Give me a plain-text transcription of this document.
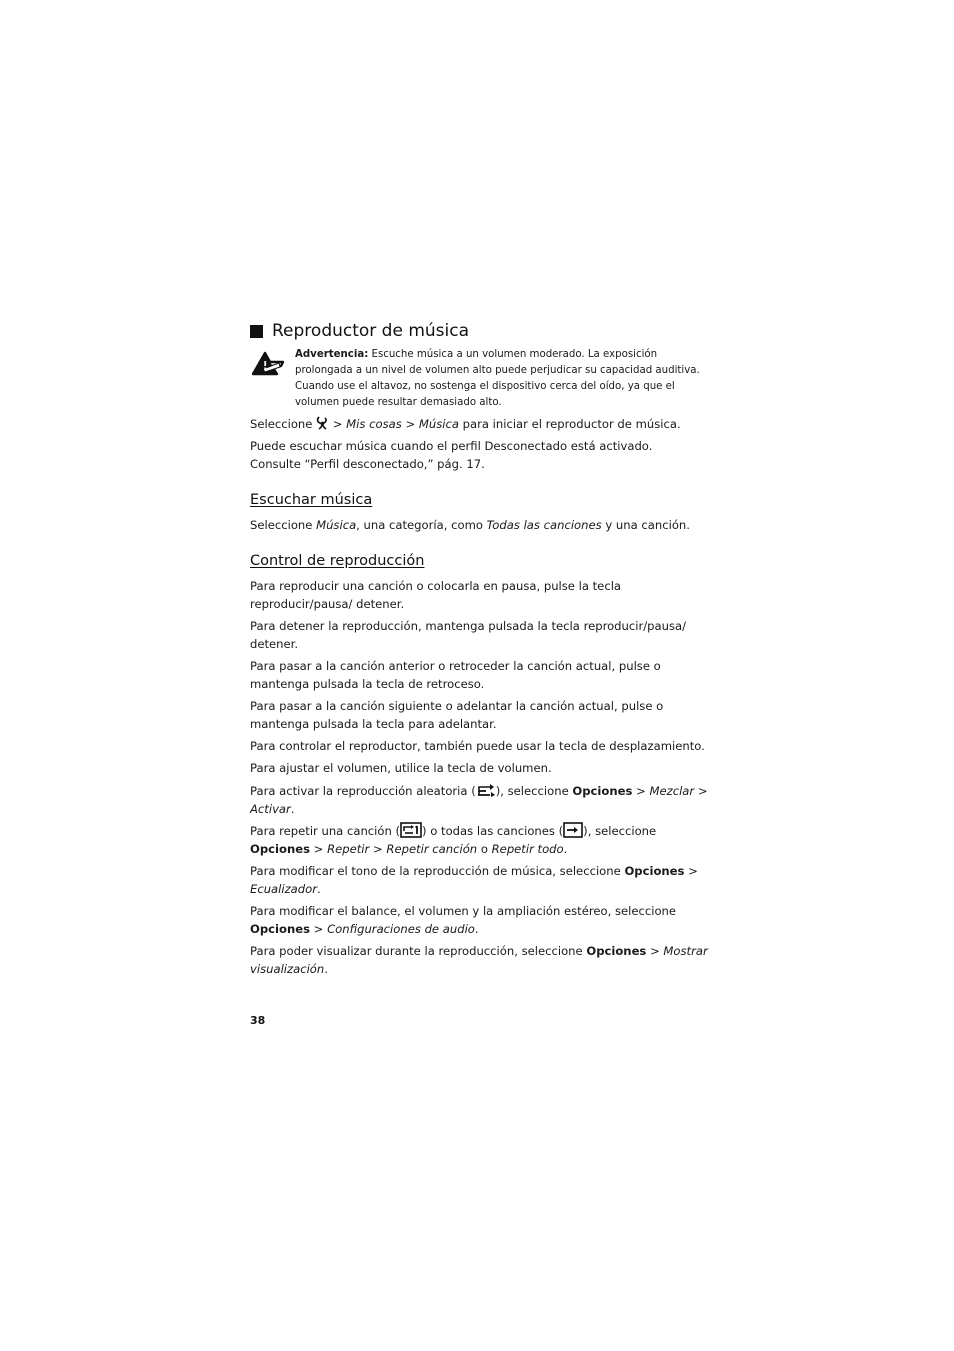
Reproductor de música
Advertencia: Escuche música a un volumen moderado. La exposición prolongada a un nivel de volumen alto puede perjudicar su capacidad auditiva. Cuando use el altavoz, no sostenga el dispositivo cerca del oído, ya que el volumen puede resultar demasiado alto.
Seleccione  > Mis cosas > Música para iniciar el reproductor de música.
Puede escuchar música cuando el perfil Desconectado está activado.
Consulte “Perfil desconectado,” pág. 17.
Escuchar música
Seleccione Música, una categoría, como Todas las canciones y una canción.
Control de reproducción
Para reproducir una canción o colocarla en pausa, pulse la tecla reproducir/pausa/ detener.
Para detener la reproducción, mantenga pulsada la tecla reproducir/pausa/ detener.
Para pasar a la canción anterior o retroceder la canción actual, pulse o mantenga pulsada la tecla de retroceso.
Para pasar a la canción siguiente o adelantar la canción actual, pulse o mantenga pulsada la tecla para adelantar.
Para controlar el reproductor, también puede usar la tecla de desplazamiento.
Para ajustar el volumen, utilice la tecla de volumen.
Para activar la reproducción aleatoria ( ), seleccione Opciones > Mezclar > Activar.
Para repetir una canción ( ) o todas las canciones ( ), seleccione Opciones > Repetir > Repetir canción o Repetir todo.
Para modificar el tono de la reproducción de música, seleccione Opciones > Ecualizador.
Para modificar el balance, el volumen y la ampliación estéreo, seleccione Opciones > Configuraciones de audio.
Para poder visualizar durante la reproducción, seleccione Opciones > Mostrar visualización.
38
